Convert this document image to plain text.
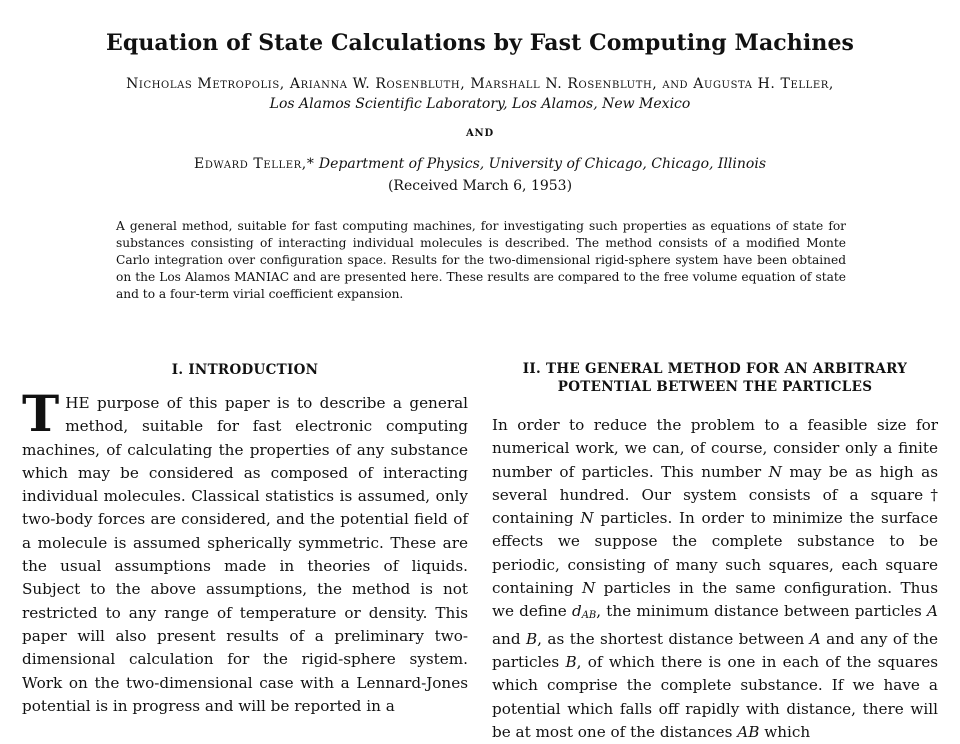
Equation of State Calculations by Fast Computing Machines
Nicholas Metropolis, Arianna W. Rosenbluth, Marshall N. Rosenbluth, and Augusta H. Teller,
Los Alamos Scientific Laboratory, Los Alamos, New Mexico
AND
Edward Teller,* Department of Physics, University of Chicago, Chicago, Illinois
(Received March 6, 1953)
A general method, suitable for fast computing machines, for investigating such properties as equations of state for substances consisting of interacting individual molecules is described. The method consists of a modified Monte Carlo integration over configuration space. Results for the two-dimensional rigid-sphere system have been obtained on the Los Alamos MANIAC and are presented here. These results are compared to the free volume equation of state and to a four-term virial coefficient expansion.
I. INTRODUCTION
THE purpose of this paper is to describe a general method, suitable for fast electronic computing machines, of calculating the properties of any substance which may be considered as composed of interacting individual molecules. Classical statistics is assumed, only two-body forces are considered, and the potential field of a molecule is assumed spherically symmetric. These are the usual assumptions made in theories of liquids. Subject to the above assumptions, the method is not restricted to any range of temperature or density. This paper will also present results of a preliminary two-dimensional calculation for the rigid-sphere system. Work on the two-dimensional case with a Lennard-Jones potential is in progress and will be reported in a
II. THE GENERAL METHOD FOR AN ARBITRARY POTENTIAL BETWEEN THE PARTICLES
In order to reduce the problem to a feasible size for numerical work, we can, of course, consider only a finite number of particles. This number N may be as high as several hundred. Our system consists of a square† containing N particles. In order to minimize the surface effects we suppose the complete substance to be periodic, consisting of many such squares, each square containing N particles in the same configuration. Thus we define $d_{AB}$, the minimum distance between particles A and B, as the shortest distance between A and any of the particles B, of which there is one in each of the squares which comprise the complete substance. If we have a potential which falls off rapidly with distance, there will be at most one of the distances AB which
